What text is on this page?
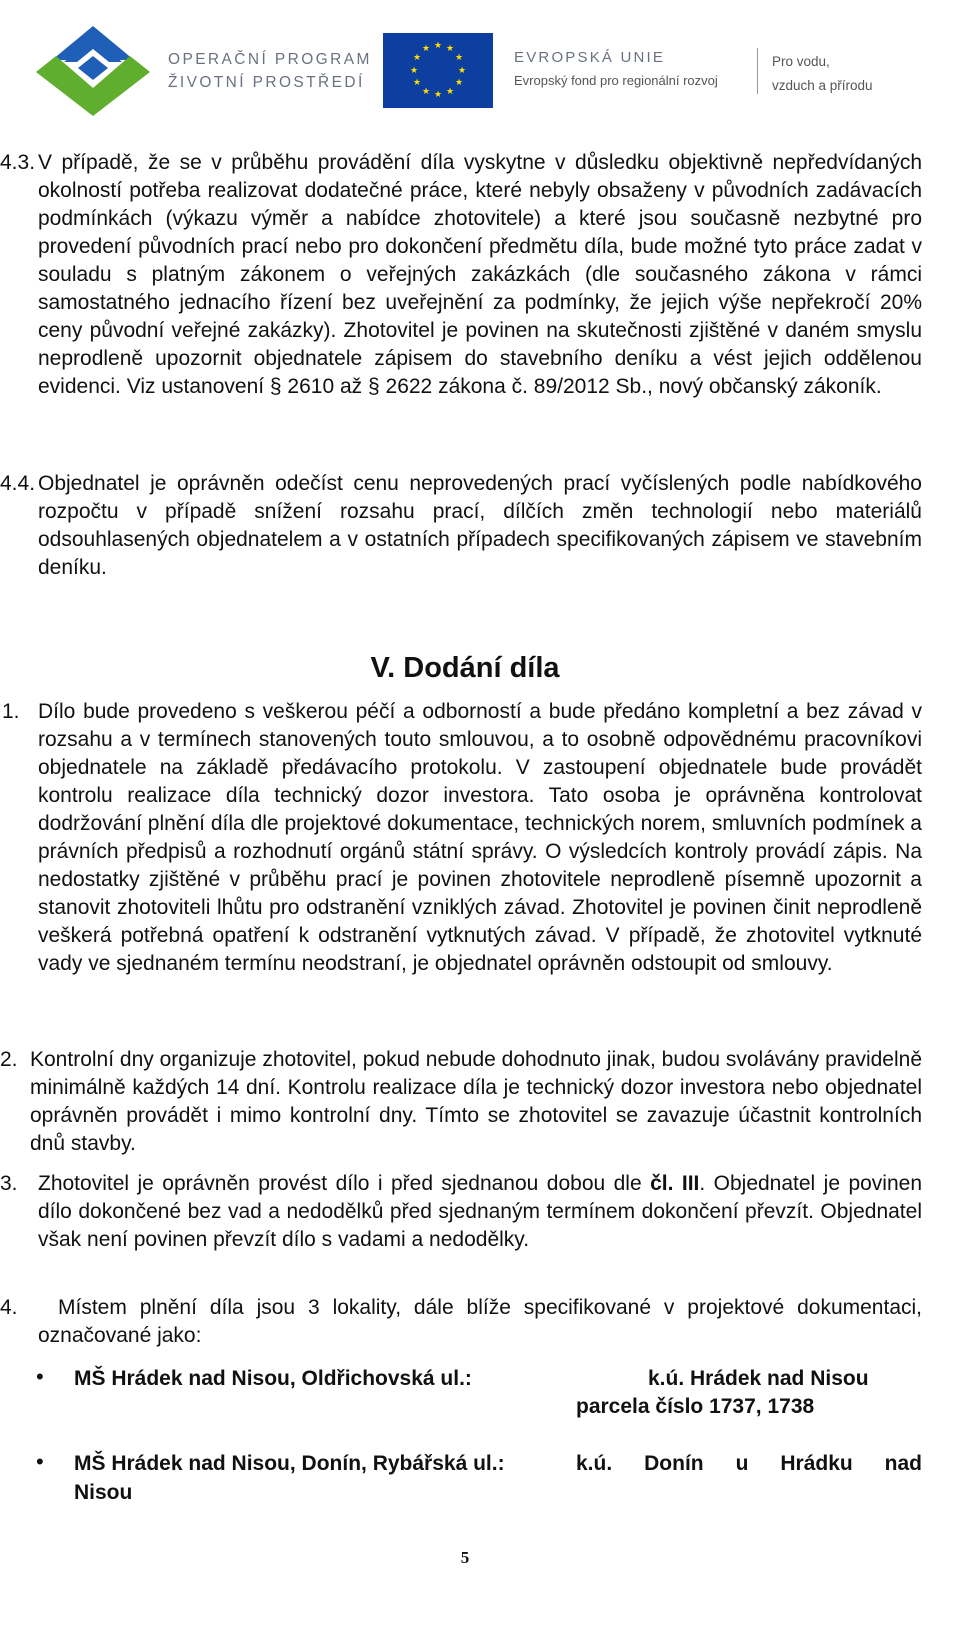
OPERAČNÍ PROGRAM
ŽIVOTNÍ PROSTŘEDÍ
★ ★
★
★
★
★
★
★
★
★
★
★	EVROPSKÁ UNIE
Evropský fond pro regionální rozvoj
Pro vodu,
vzduch a přírodu
4.3. V případě, že se v průběhu provádění díla vyskytne v důsledku objektivně nepředvídaných okolností potřeba realizovat dodatečné práce, které nebyly obsaženy v původních zadávacích podmínkách (výkazu výměr a nabídce zhotovitele) a které jsou současně nezbytné pro provedení původních prací nebo pro dokončení předmětu díla, bude možné tyto práce zadat v souladu s platným zákonem o veřejných zakázkách (dle současného zákona v rámci samostatného jednacího řízení bez uveřejnění za podmínky, že jejich výše nepřekročí 20% ceny původní veřejné zakázky). Zhotovitel je povinen na skutečnosti zjištěné v daném smyslu neprodleně upozornit objednatele zápisem do stavebního deníku a vést jejich oddělenou evidenci. Viz ustanovení § 2610 až § 2622 zákona č. 89/2012 Sb., nový občanský zákoník.
4.4. Objednatel je oprávněn odečíst cenu neprovedených prací vyčíslených podle nabídkového rozpočtu v případě snížení rozsahu prací, dílčích změn technologií nebo materiálů odsouhlasených objednatelem a v ostatních případech specifikovaných zápisem ve stavebním deníku.
V. Dodání díla
1. Dílo bude provedeno s veškerou péčí a odborností a bude předáno kompletní a bez závad v rozsahu a v termínech stanovených touto smlouvou, a to osobně odpovědnému pracovníkovi objednatele na základě předávacího protokolu. V zastoupení objednatele bude provádět kontrolu realizace díla technický dozor investora. Tato osoba je oprávněna kontrolovat dodržování plnění díla dle projektové dokumentace, technických norem, smluvních podmínek a právních předpisů a rozhodnutí orgánů státní správy. O výsledcích kontroly provádí zápis. Na nedostatky zjištěné v průběhu prací je povinen zhotovitele neprodleně písemně upozornit a stanovit zhotoviteli lhůtu pro odstranění vzniklých závad. Zhotovitel je povinen činit neprodleně veškerá potřebná opatření k odstranění vytknutých závad. V případě, že zhotovitel vytknuté vady ve sjednaném termínu neodstraní, je objednatel oprávněn odstoupit od smlouvy.
2. Kontrolní dny organizuje zhotovitel, pokud nebude dohodnuto jinak, budou svolávány pravidelně minimálně každých 14 dní. Kontrolu realizace díla je technický dozor investora nebo objednatel oprávněn provádět i mimo kontrolní dny. Tímto se zhotovitel se zavazuje účastnit kontrolních dnů stavby.
3. Zhotovitel je oprávněn provést dílo i před sjednanou dobou dle čl. III. Objednatel je povinen dílo dokončené bez vad a nedodělků před sjednaným termínem dokončení převzít. Objednatel však není povinen převzít dílo s vadami a nedodělky.
4. Místem plnění díla jsou 3 lokality, dále blíže specifikované v projektové dokumentaci, označované jako:
• MŠ Hrádek nad Nisou, Oldřichovská ul.:	k.ú. Hrádek nad Nisou
parcela číslo 1737, 1738
• MŠ Hrádek nad Nisou, Donín, Rybářská ul.:	k.ú. Donín u Hrádku nad
Nisou
5
